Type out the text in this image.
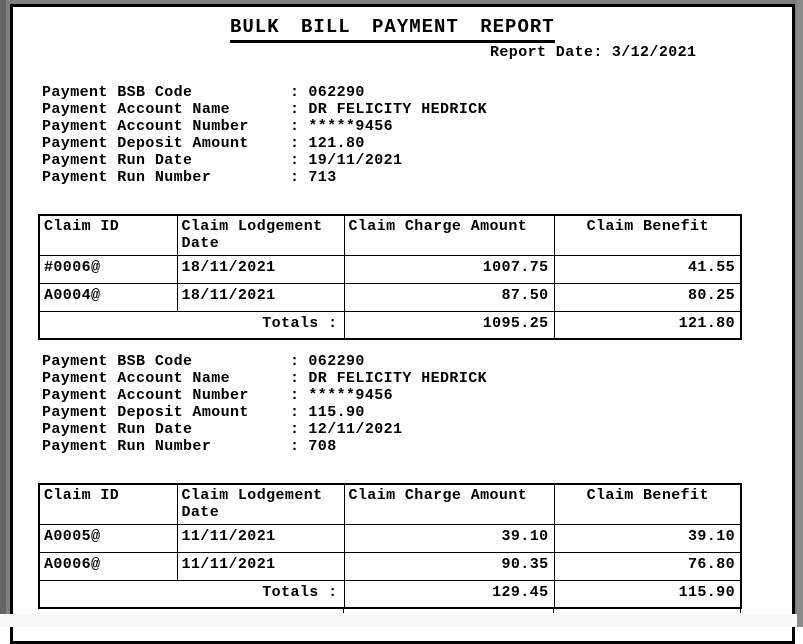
BULK BILL PAYMENT REPORT
Report Date: 3/12/2021
Payment BSB Code	: 062290
Payment Account Name	: DR FELICITY HEDRICK
Payment Account Number	: *****9456
Payment Deposit Amount	: 121.80
Payment Run Date	: 19/11/2021
Payment Run Number	: 713
Claim ID	Claim Lodgement Date	Claim Charge Amount	Claim Benefit
#0006@	18/11/2021	1007.75	41.55
A0004@	18/11/2021	87.50	80.25
Totals :		1095.25	121.80
Payment BSB Code	: 062290
Payment Account Name	: DR FELICITY HEDRICK
Payment Account Number	: *****9456
Payment Deposit Amount	: 115.90
Payment Run Date	: 12/11/2021
Payment Run Number	: 708
Claim ID	Claim Lodgement Date	Claim Charge Amount	Claim Benefit
A0005@	11/11/2021	39.10	39.10
A0006@	11/11/2021	90.35	76.80
Totals :		129.45	115.90
